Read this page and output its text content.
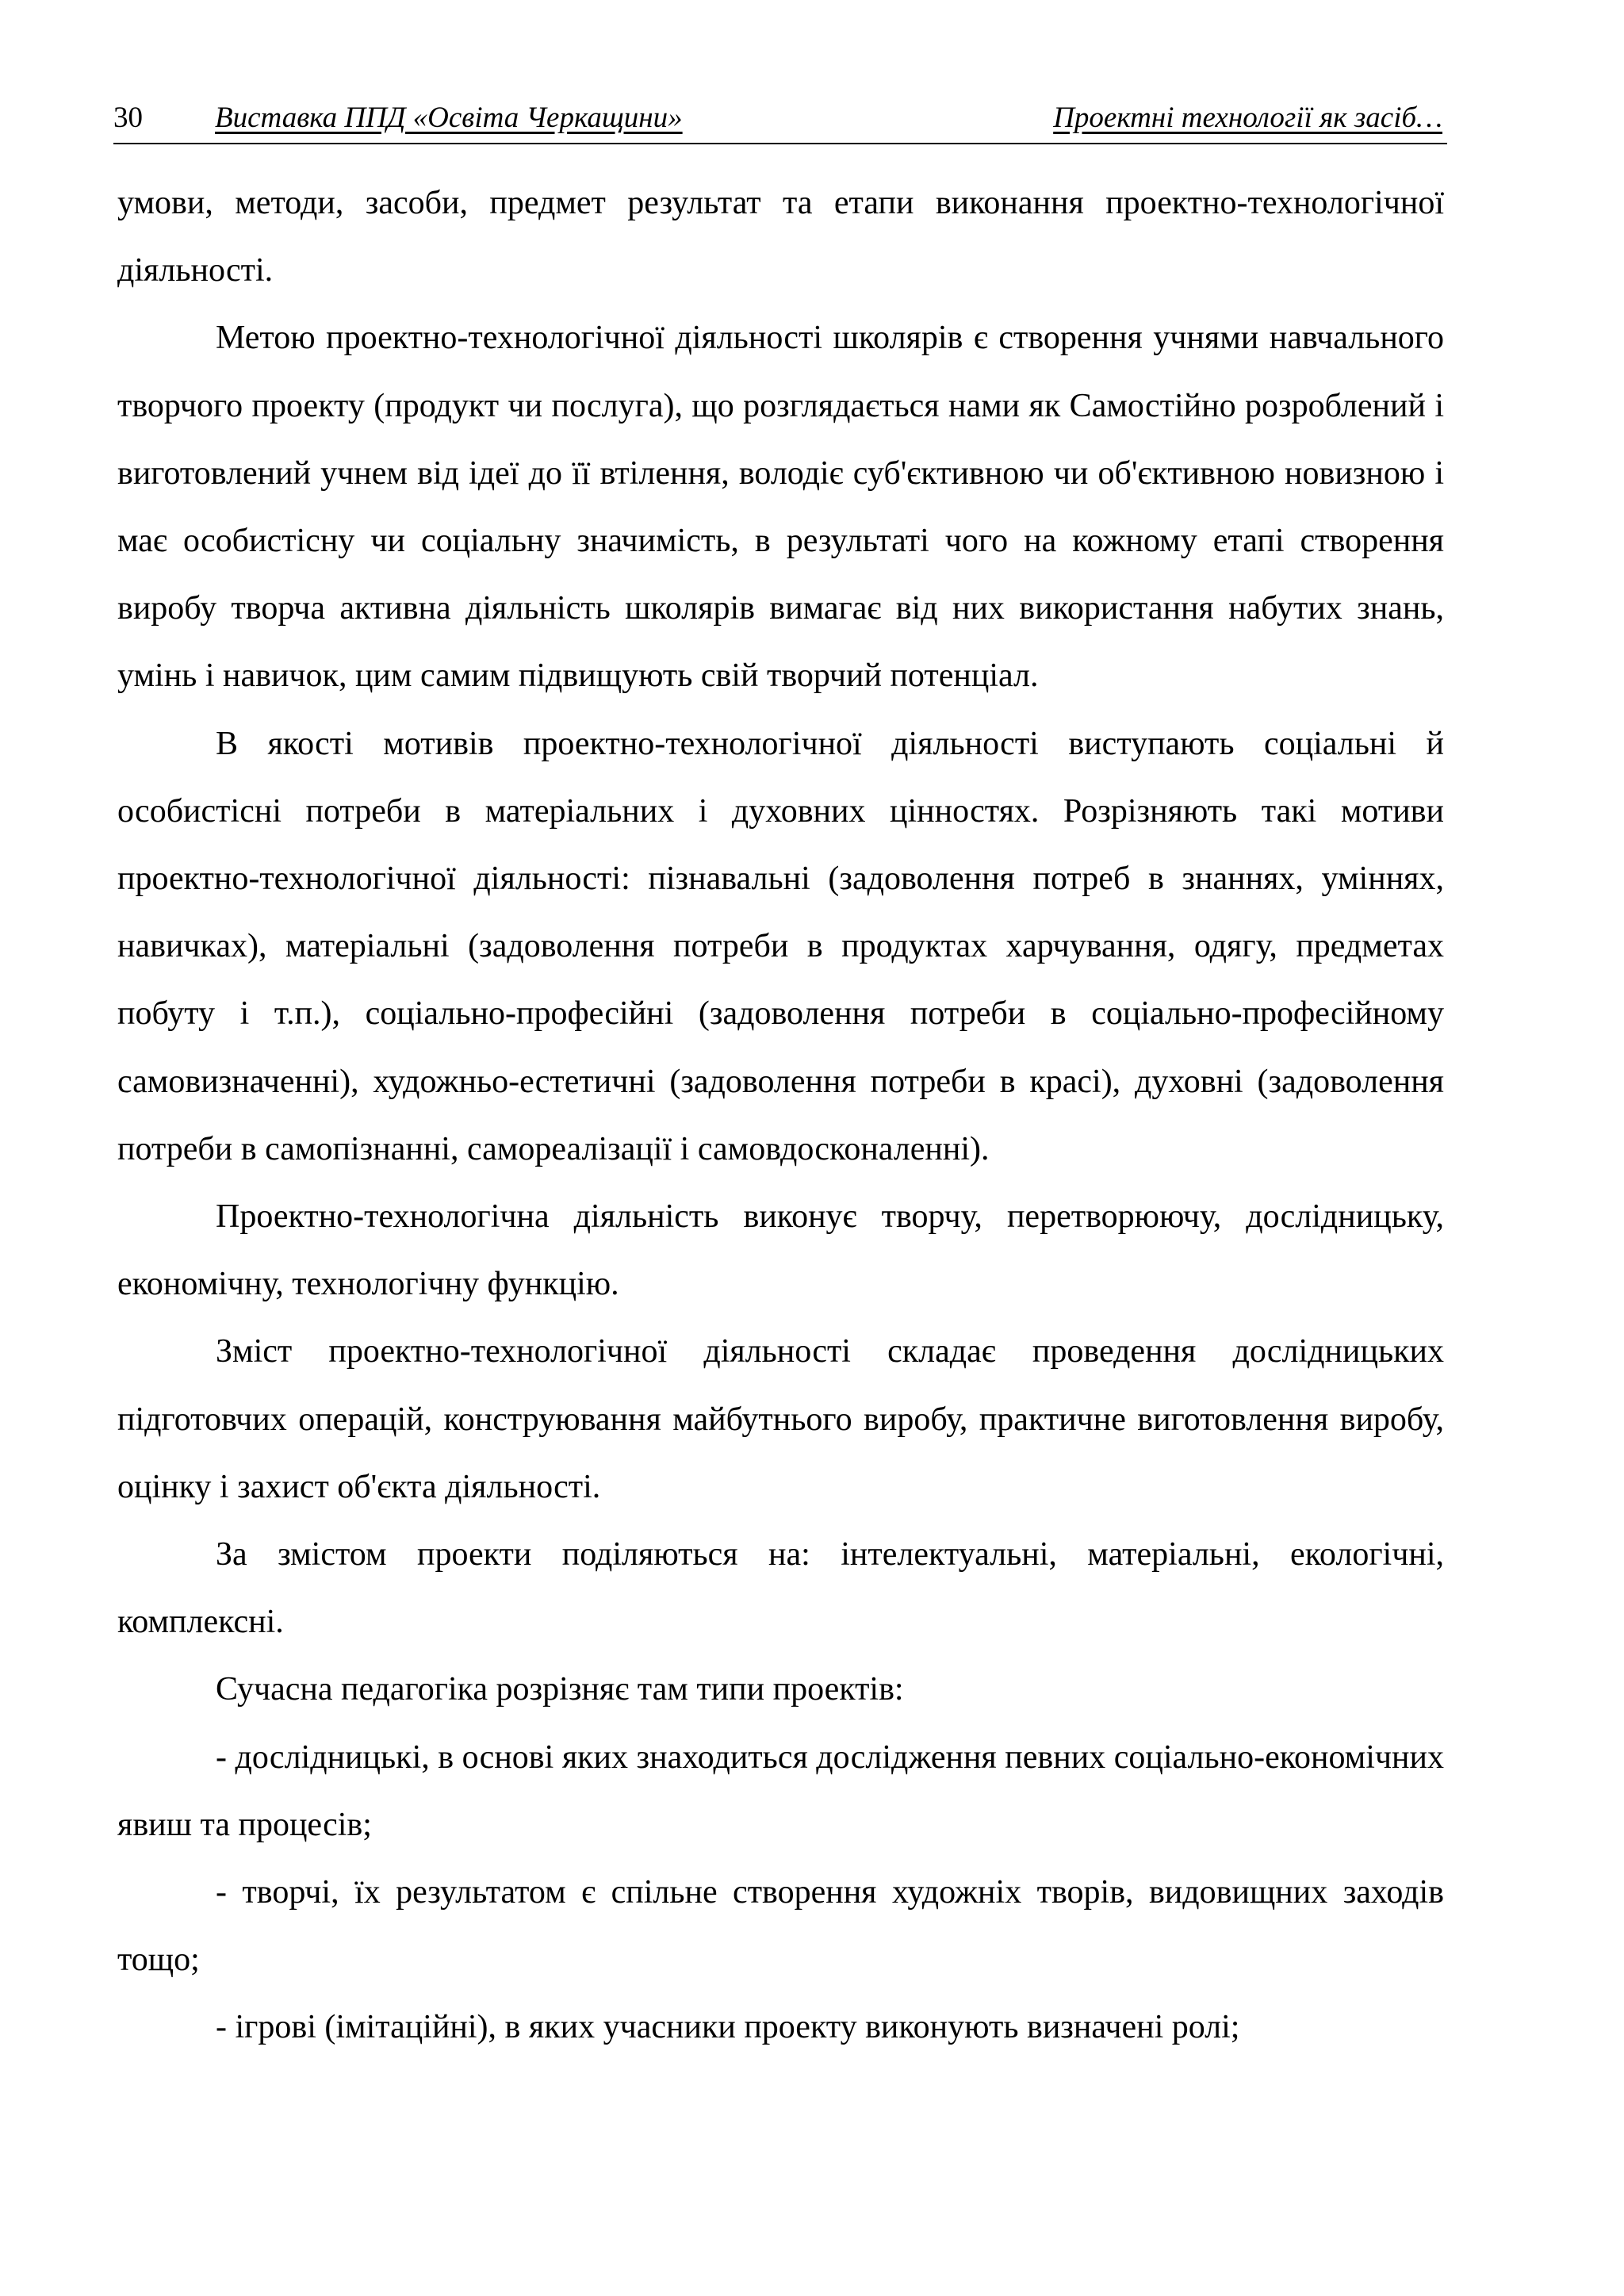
30 Виставка ППД «Освіта Черкащини»	Проектні технології як засіб…

умови, методи, засоби, предмет результат та етапи виконання проектно-технологічної діяльності.

Метою проектно-технологічної діяльності школярів є створення учнями навчального творчого проекту (продукт чи послуга), що розглядається нами як Самостійно розроблений і виготовлений учнем від ідеї до її втілення, володіє суб'єктивною чи об'єктивною новизною і має особистісну чи соціальну значимість, в результаті чого на кожному етапі створення виробу творча активна діяльність школярів вимагає від них використання набутих знань, умінь і навичок, цим самим підвищують свій творчий потенціал.

В якості мотивів проектно-технологічної діяльності виступають соціальні й особистісні потреби в матеріальних і духовних цінностях. Розрізняють такі мотиви проектно-технологічної діяльності: пізнавальні (задоволення потреб в знаннях, уміннях, навичках), матеріальні (задоволення потреби в продуктах харчування, одягу, предметах побуту і т.п.), соціально-професійні (задоволення потреби в соціально-професійному самовизначенні), художньо-естетичні (задоволення потреби в красі), духовні (задоволення потреби в самопізнанні, самореалізації і самовдосконаленні).

Проектно-технологічна діяльність виконує творчу, перетворюючу, дослідницьку, економічну, технологічну функцію.

Зміст проектно-технологічної діяльності складає проведення дослідницьких підготовчих операцій, конструювання майбутнього виробу, практичне виготовлення виробу, оцінку і захист об'єкта діяльності.

За змістом проекти поділяються на: інтелектуальні, матеріальні, екологічні, комплексні.

Сучасна педагогіка розрізняє там типи проектів:

- дослідницькі, в основі яких знаходиться дослідження певних соціально-економічних явиш та процесів;

- творчі, їх результатом є спільне створення художніх творів, видовищних заходів тощо;

- ігрові (імітаційні), в яких учасники проекту виконують визначені ролі;
